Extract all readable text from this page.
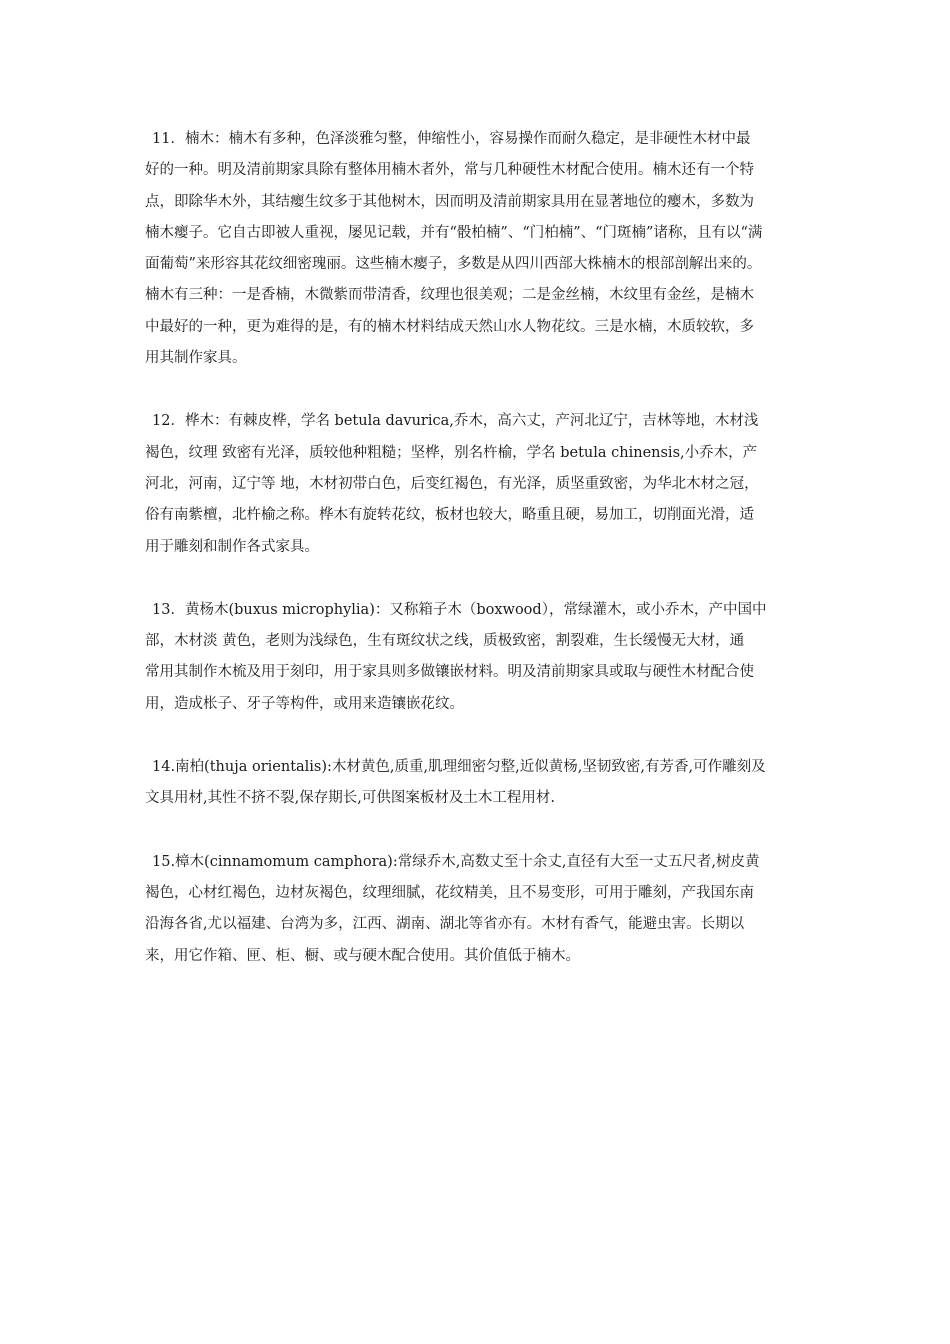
11．楠木：楠木有多种，色泽淡雅匀整，伸缩性小，容易操作而耐久稳定，是非硬性木材中最
好的一种。明及清前期家具除有整体用楠木者外，常与几种硬性木材配合使用。楠木还有一个特
点，即除华木外，其结瘿生纹多于其他树木，因而明及清前期家具用在显著地位的瘿木，多数为
楠木瘿子。它自古即被人重视，屡见记载，并有“骰柏楠”、“门柏楠”、“门斑楠”诸称，且有以“满
面葡萄”来形容其花纹细密瑰丽。这些楠木瘿子，多数是从四川西部大株楠木的根部剖解出来的。
楠木有三种：一是香楠，木微紫而带清香，纹理也很美观；二是金丝楠，木纹里有金丝，是楠木
中最好的一种，更为难得的是，有的楠木材料结成天然山水人物花纹。三是水楠，木质较软，多
用其制作家具。
12．桦木：有棘皮桦，学名 betula davurica,乔木，高六丈，产河北辽宁，吉林等地，木材浅
褐色，纹理 致密有光泽，质较他种粗糙；坚桦，别名杵榆，学名 betula chinensis,小乔木，产
河北，河南，辽宁等 地，木材初带白色，后变红褐色，有光泽，质坚重致密，为华北木材之冠，
俗有南紫檀，北杵榆之称。桦木有旋转花纹，板材也较大，略重且硬，易加工，切削面光滑，适
用于雕刻和制作各式家具。
13．黄杨木(buxus microphylia)：又称箱子木（boxwood），常绿灌木，或小乔木，产中国中
部，木材淡 黄色，老则为浅绿色，生有斑纹状之线，质极致密，割裂难，生长缓慢无大材，通
常用其制作木梳及用于刻印，用于家具则多做镶嵌材料。明及清前期家具或取与硬性木材配合使
用，造成枨子、牙子等构件，或用来造镶嵌花纹。
14.南柏(thuja orientalis):木材黄色,质重,肌理细密匀整,近似黄杨,坚韧致密,有芳香,可作雕刻及
文具用材,其性不挤不裂,保存期长,可供图案板材及土木工程用材.
15.樟木(cinnamomum camphora):常绿乔木,高数丈至十余丈,直径有大至一丈五尺者,树皮黄
褐色，心材红褐色，边材灰褐色，纹理细腻，花纹精美，且不易变形，可用于雕刻，产我国东南
沿海各省,尤以福建、台湾为多，江西、湖南、湖北等省亦有。木材有香气，能避虫害。长期以
来，用它作箱、匣、柜、橱、或与硬木配合使用。其价值低于楠木。
